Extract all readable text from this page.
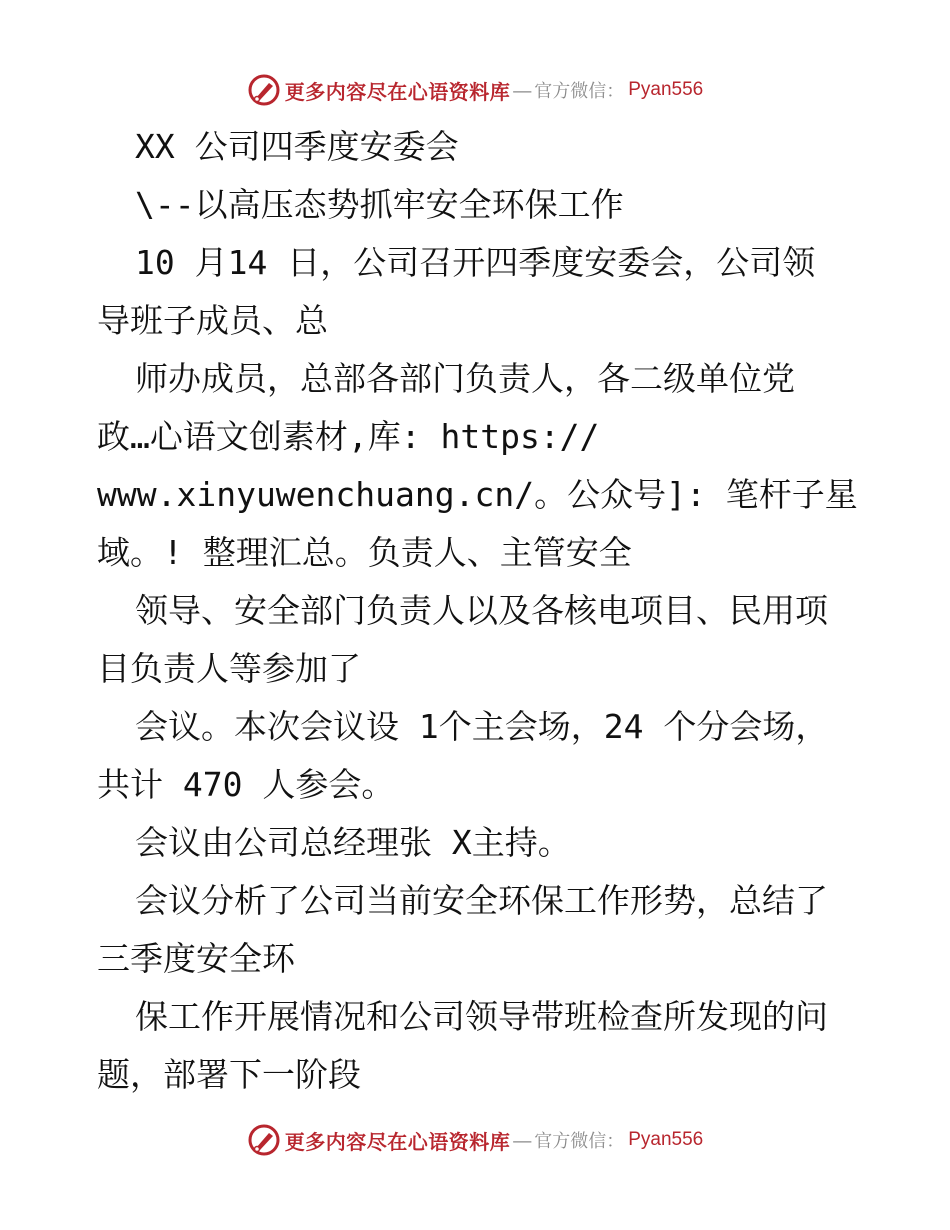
更多内容尽在心语资料库 — 官方微信： Pyan556
XX 公司四季度安委会
\--以高压态势抓牢安全环保工作
10 月14 日，公司召开四季度安委会，公司领
导班子成员、总
师办成员，总部各部门负责人，各二级单位党
政…心语文创素材,库: https://
www.xinyuwenchuang.cn/。公众号]: 笔杆子星
域。! 整理汇总。负责人、主管安全
领导、安全部门负责人以及各核电项目、民用项
目负责人等参加了
会议。本次会议设 1个主会场，24 个分会场，
共计 470 人参会。
会议由公司总经理张 X主持。
会议分析了公司当前安全环保工作形势，总结了
三季度安全环
保工作开展情况和公司领导带班检查所发现的问
题，部署下一阶段
更多内容尽在心语资料库 — 官方微信： Pyan556
